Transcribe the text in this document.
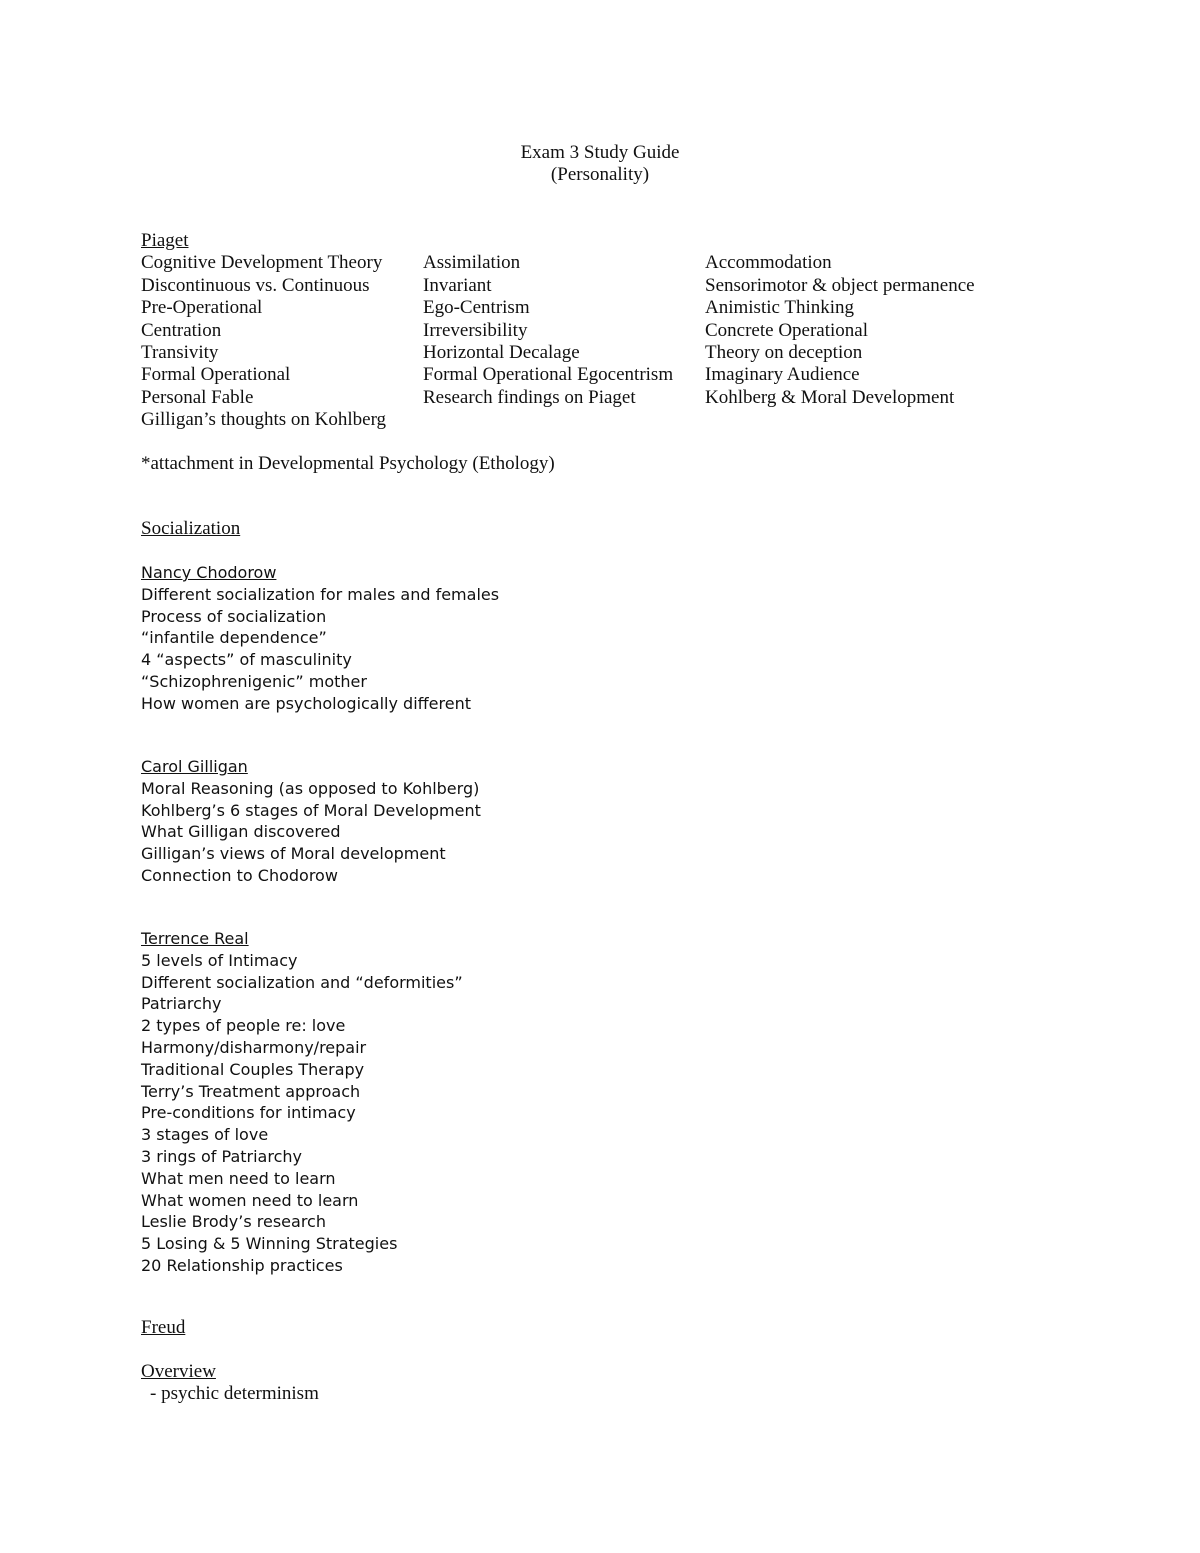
Exam 3 Study Guide
(Personality)
Piaget
Cognitive Development Theory	Assimilation	Accommodation
Discontinuous vs. Continuous	Invariant	Sensorimotor & object permanence
Pre-Operational	Ego-Centrism	Animistic Thinking
Centration	Irreversibility	Concrete Operational
Transivity	Horizontal Decalage	Theory on deception
Formal Operational	Formal Operational Egocentrism	Imaginary Audience
Personal Fable	Research findings on Piaget	Kohlberg & Moral Development
Gilligan’s thoughts on Kohlberg
*attachment in Developmental Psychology (Ethology)
Socialization
Nancy Chodorow
Different socialization for males and females
Process of socialization
“infantile dependence”
4 “aspects” of masculinity
“Schizophrenigenic” mother
How women are psychologically different
Carol Gilligan
Moral Reasoning (as opposed to Kohlberg)
Kohlberg’s 6 stages of Moral Development
What Gilligan discovered
Gilligan’s views of Moral development
Connection to Chodorow
Terrence Real
5 levels of Intimacy
Different socialization and “deformities”
Patriarchy
2 types of people re: love
Harmony/disharmony/repair
Traditional Couples Therapy
Terry’s Treatment approach
Pre-conditions for intimacy
3 stages of love
3 rings of Patriarchy
What men need to learn
What women need to learn
Leslie Brody’s research
5 Losing & 5 Winning Strategies
20 Relationship practices
Freud
Overview
- psychic determinism
